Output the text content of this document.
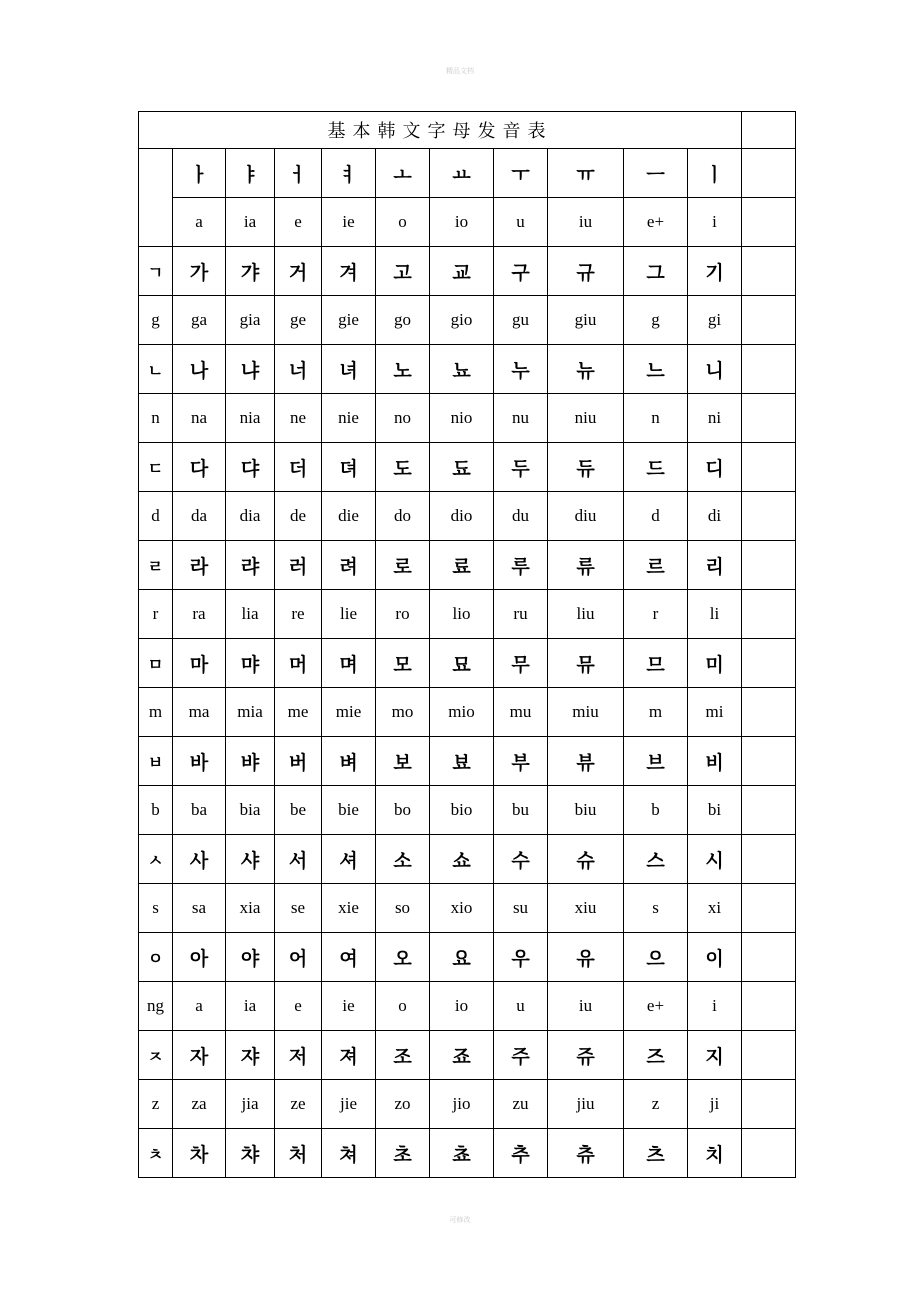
精品文档
基本韩文字母发音表											
	ㅏ	ㅑ	ㅓ	ㅕ	ㅗ	ㅛ	ㅜ	ㅠ	ㅡ	ㅣ	
	a	ia	e	ie	o	io	u	iu	e+	i	
ㄱ	가	갸	거	겨	고	교	구	규	그	기	
g	ga	gia	ge	gie	go	gio	gu	giu	g	gi	
ㄴ	나	냐	너	녀	노	뇨	누	뉴	느	니	
n	na	nia	ne	nie	no	nio	nu	niu	n	ni	
ㄷ	다	댜	더	뎌	도	됴	두	듀	드	디	
d	da	dia	de	die	do	dio	du	diu	d	di	
ㄹ	라	랴	러	려	로	료	루	류	르	리	
r	ra	lia	re	lie	ro	lio	ru	liu	r	li	
ㅁ	마	먀	머	며	모	묘	무	뮤	므	미	
m	ma	mia	me	mie	mo	mio	mu	miu	m	mi	
ㅂ	바	뱌	버	벼	보	뵤	부	뷰	브	비	
b	ba	bia	be	bie	bo	bio	bu	biu	b	bi	
ㅅ	사	샤	서	셔	소	쇼	수	슈	스	시	
s	sa	xia	se	xie	so	xio	su	xiu	s	xi	
ㅇ	아	야	어	여	오	요	우	유	으	이	
ng	a	ia	e	ie	o	io	u	iu	e+	i	
ㅈ	자	쟈	저	져	조	죠	주	쥬	즈	지	
z	za	jia	ze	jie	zo	jio	zu	jiu	z	ji	
ㅊ	차	챠	처	쳐	초	쵸	추	츄	츠	치	
可修改
